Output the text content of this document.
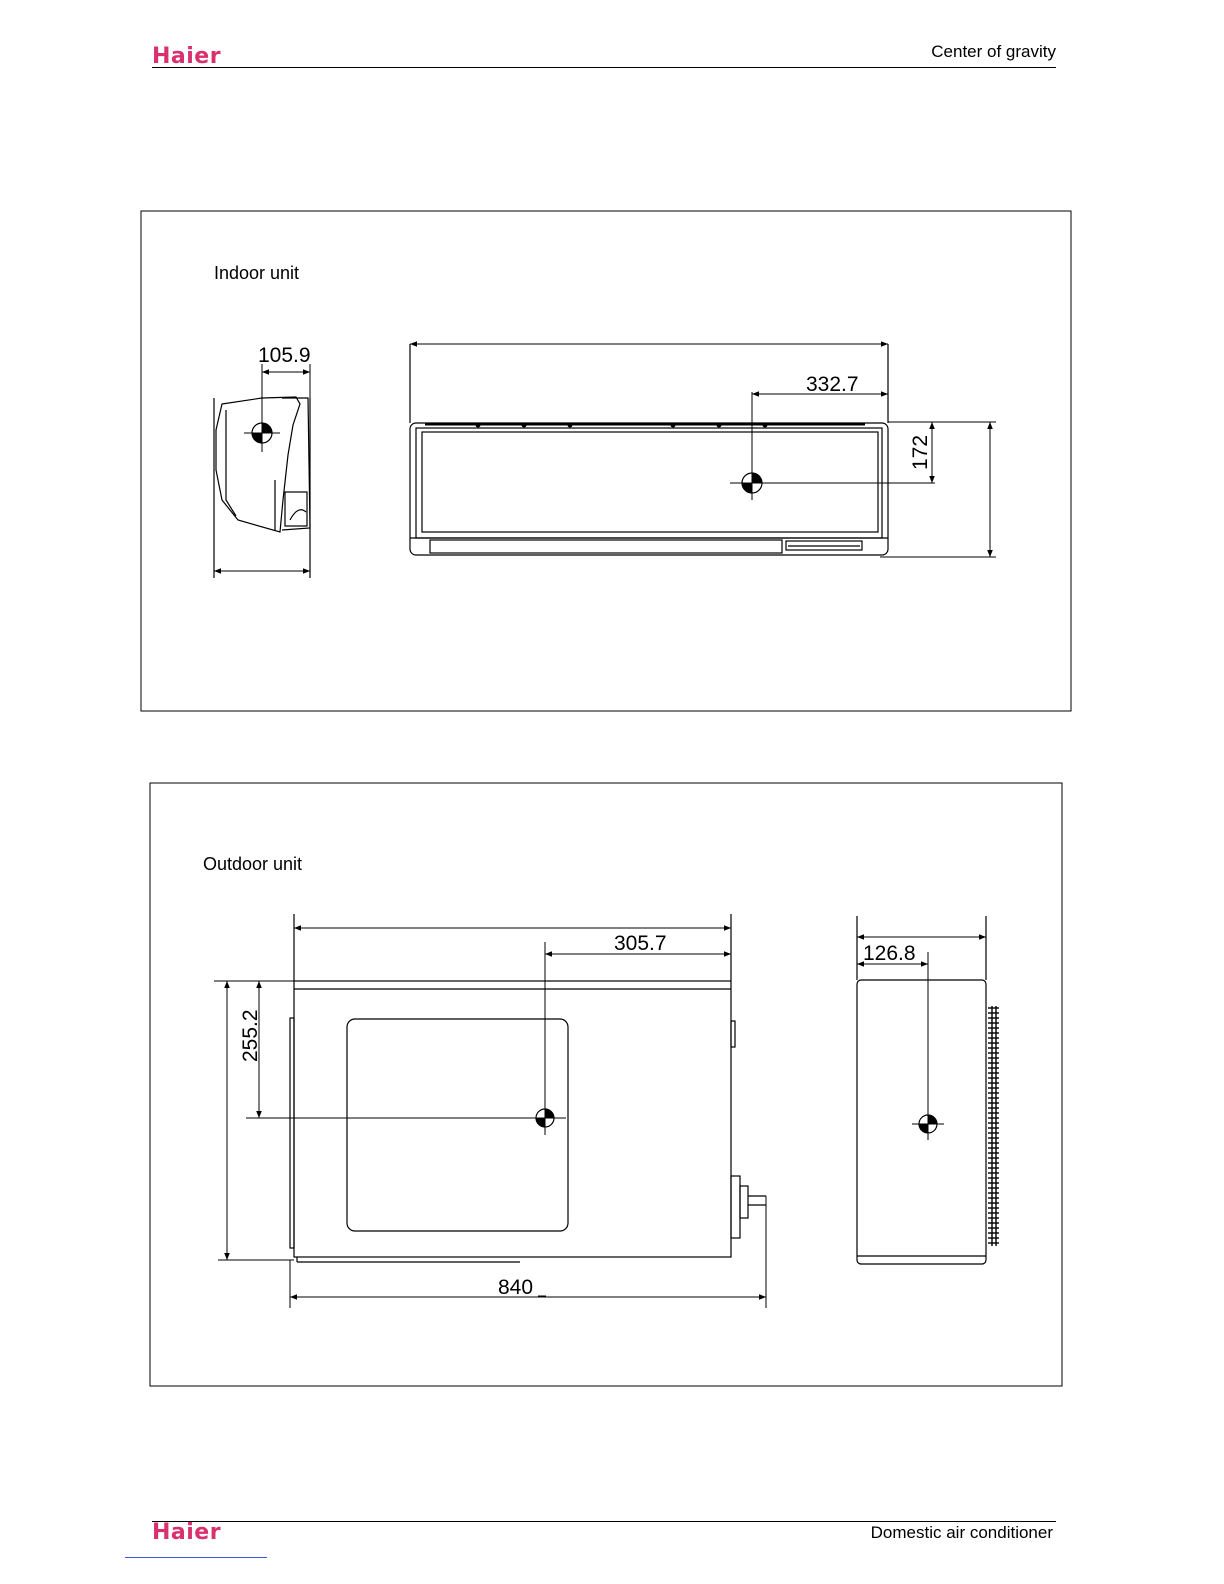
Haier	Center of gravity
Indoor unit
105.9
332.7
172
Outdoor unit
305.7
255.2
840
126.8
Haier	Domestic air conditioner
